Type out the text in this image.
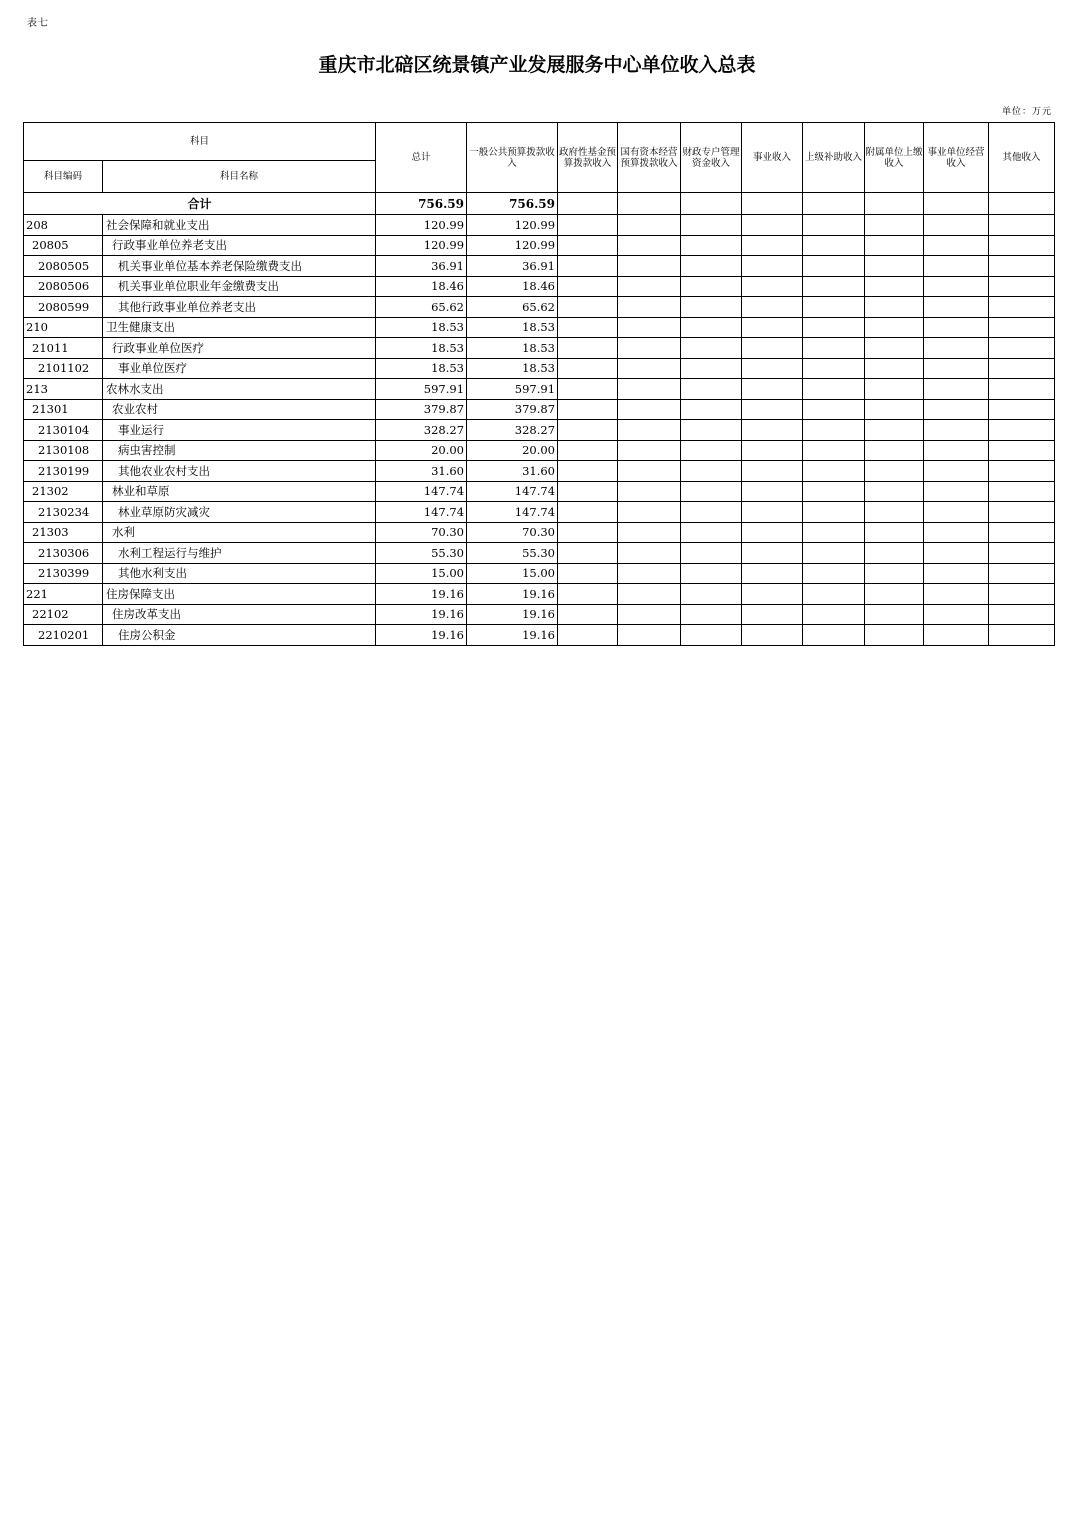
表七
重庆市北碚区统景镇产业发展服务中心单位收入总表
单位：万元
科目		总计	一般公共预算拨款收入	政府性基金预算拨款收入	国有资本经营预算拨款收入	财政专户管理资金收入	事业收入	上级补助收入	附属单位上缴收入	事业单位经营收入	其他收入
科目编码	科目名称										
合计		756.59	756.59								
208	社会保障和就业支出	120.99	120.99								
20805	行政事业单位养老支出	120.99	120.99								
2080505	机关事业单位基本养老保险缴费支出	36.91	36.91								
2080506	机关事业单位职业年金缴费支出	18.46	18.46								
2080599	其他行政事业单位养老支出	65.62	65.62								
210	卫生健康支出	18.53	18.53								
21011	行政事业单位医疗	18.53	18.53								
2101102	事业单位医疗	18.53	18.53								
213	农林水支出	597.91	597.91								
21301	农业农村	379.87	379.87								
2130104	事业运行	328.27	328.27								
2130108	病虫害控制	20.00	20.00								
2130199	其他农业农村支出	31.60	31.60								
21302	林业和草原	147.74	147.74								
2130234	林业草原防灾减灾	147.74	147.74								
21303	水利	70.30	70.30								
2130306	水利工程运行与维护	55.30	55.30								
2130399	其他水利支出	15.00	15.00								
221	住房保障支出	19.16	19.16								
22102	住房改革支出	19.16	19.16								
2210201	住房公积金	19.16	19.16								
